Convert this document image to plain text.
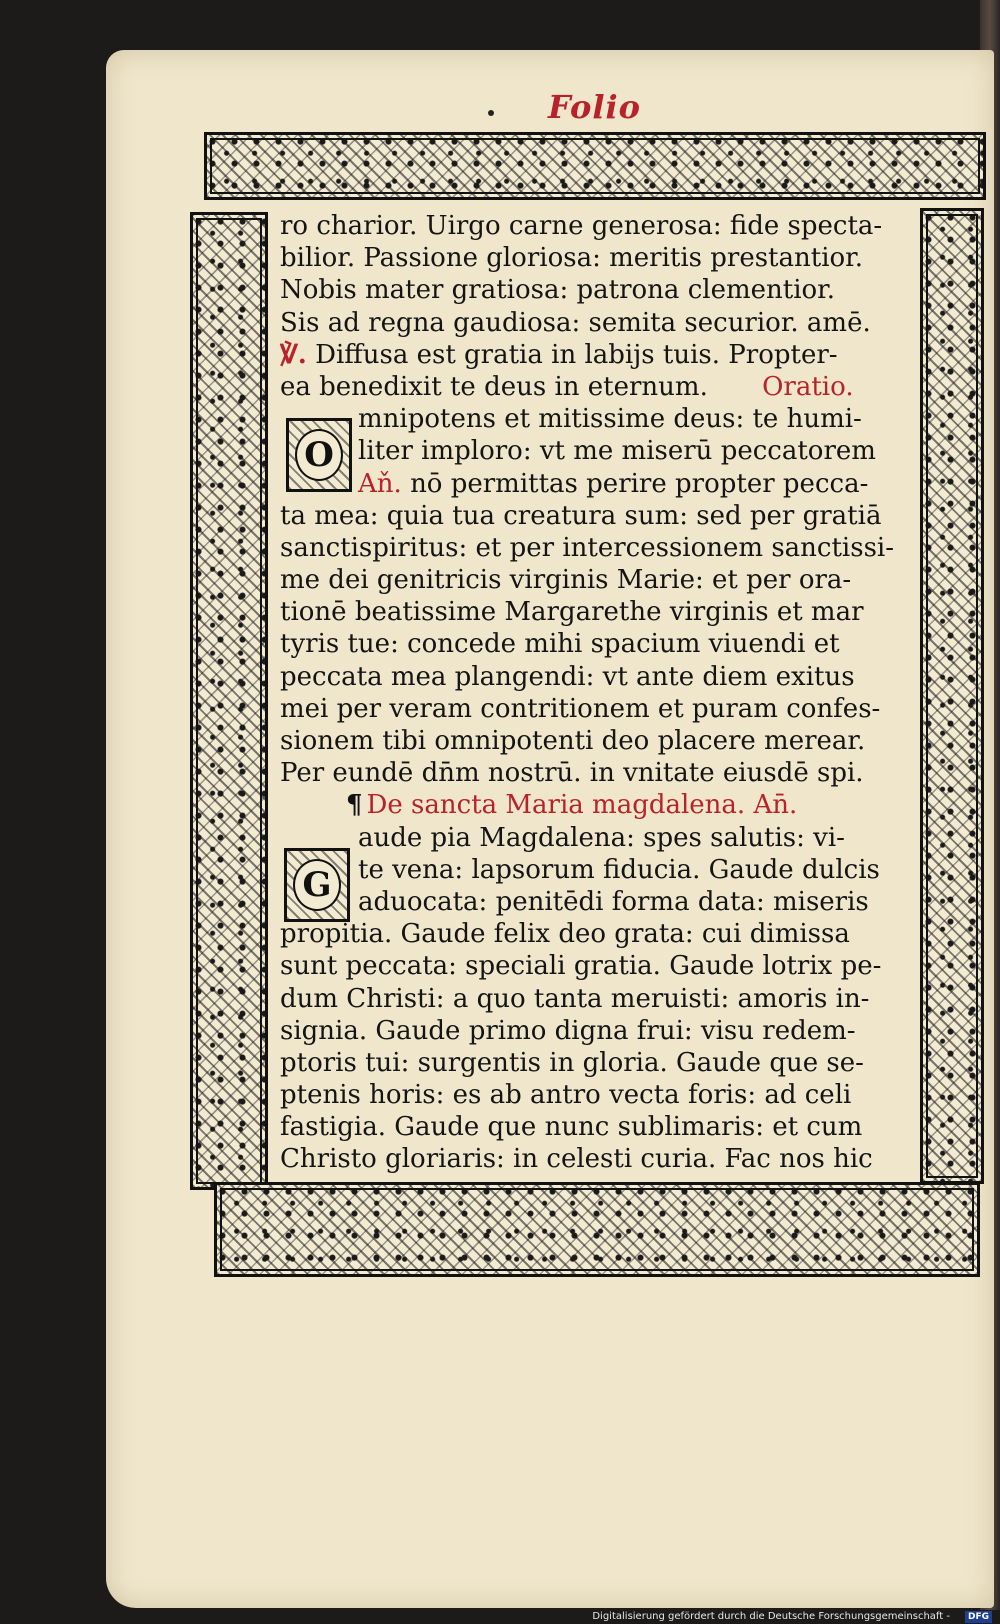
Folio
O
G
ro charior. Uirgo carne generosa: fide specta‑
bilior. Passione gloriosa: meritis prestantior.
Nobis mater gratiosa: patrona clementior.
Sis ad regna gaudiosa: semita securior. amē.
℣. Diffusa est gratia in labijs tuis. Propter‑
ea benedixit te deus in eternum. Oratio.
mnipotens et mitissime deus: te humi‑
liter imploro: vt me miserū peccatorem
Aň. nō permittas perire propter pecca‑
ta mea: quia tua creatura sum: sed per gratiā
sanctispiritus: et per intercessionem sanctissi‑
me dei genitricis virginis Marie: et per ora‑
tionē beatissime Margarethe virginis et mar
tyris tue: concede mihi spacium viuendi et
peccata mea plangendi: vt ante diem exitus
mei per veram contritionem et puram confes‑
sionem tibi omnipotenti deo placere merear.
Per eundē dn̄m nostrū. in vnitate eiusdē spi.
¶ De sancta Maria magdalena. An̄.
aude pia Magdalena: spes salutis: vi‑
te vena: lapsorum fiducia. Gaude dulcis
aduocata: penitēdi forma data: miseris
propitia. Gaude felix deo grata: cui dimissa
sunt peccata: speciali gratia. Gaude lotrix pe‑
dum Christi: a quo tanta meruisti: amoris in‑
signia. Gaude primo digna frui: visu redem‑
ptoris tui: surgentis in gloria. Gaude que se‑
ptenis horis: es ab antro vecta foris: ad celi
fastigia. Gaude que nunc sublimaris: et cum
Christo gloriaris: in celesti curia. Fac nos hic
Digitalisierung gefördert durch die Deutsche Forschungsgemeinschaft -	DFG
